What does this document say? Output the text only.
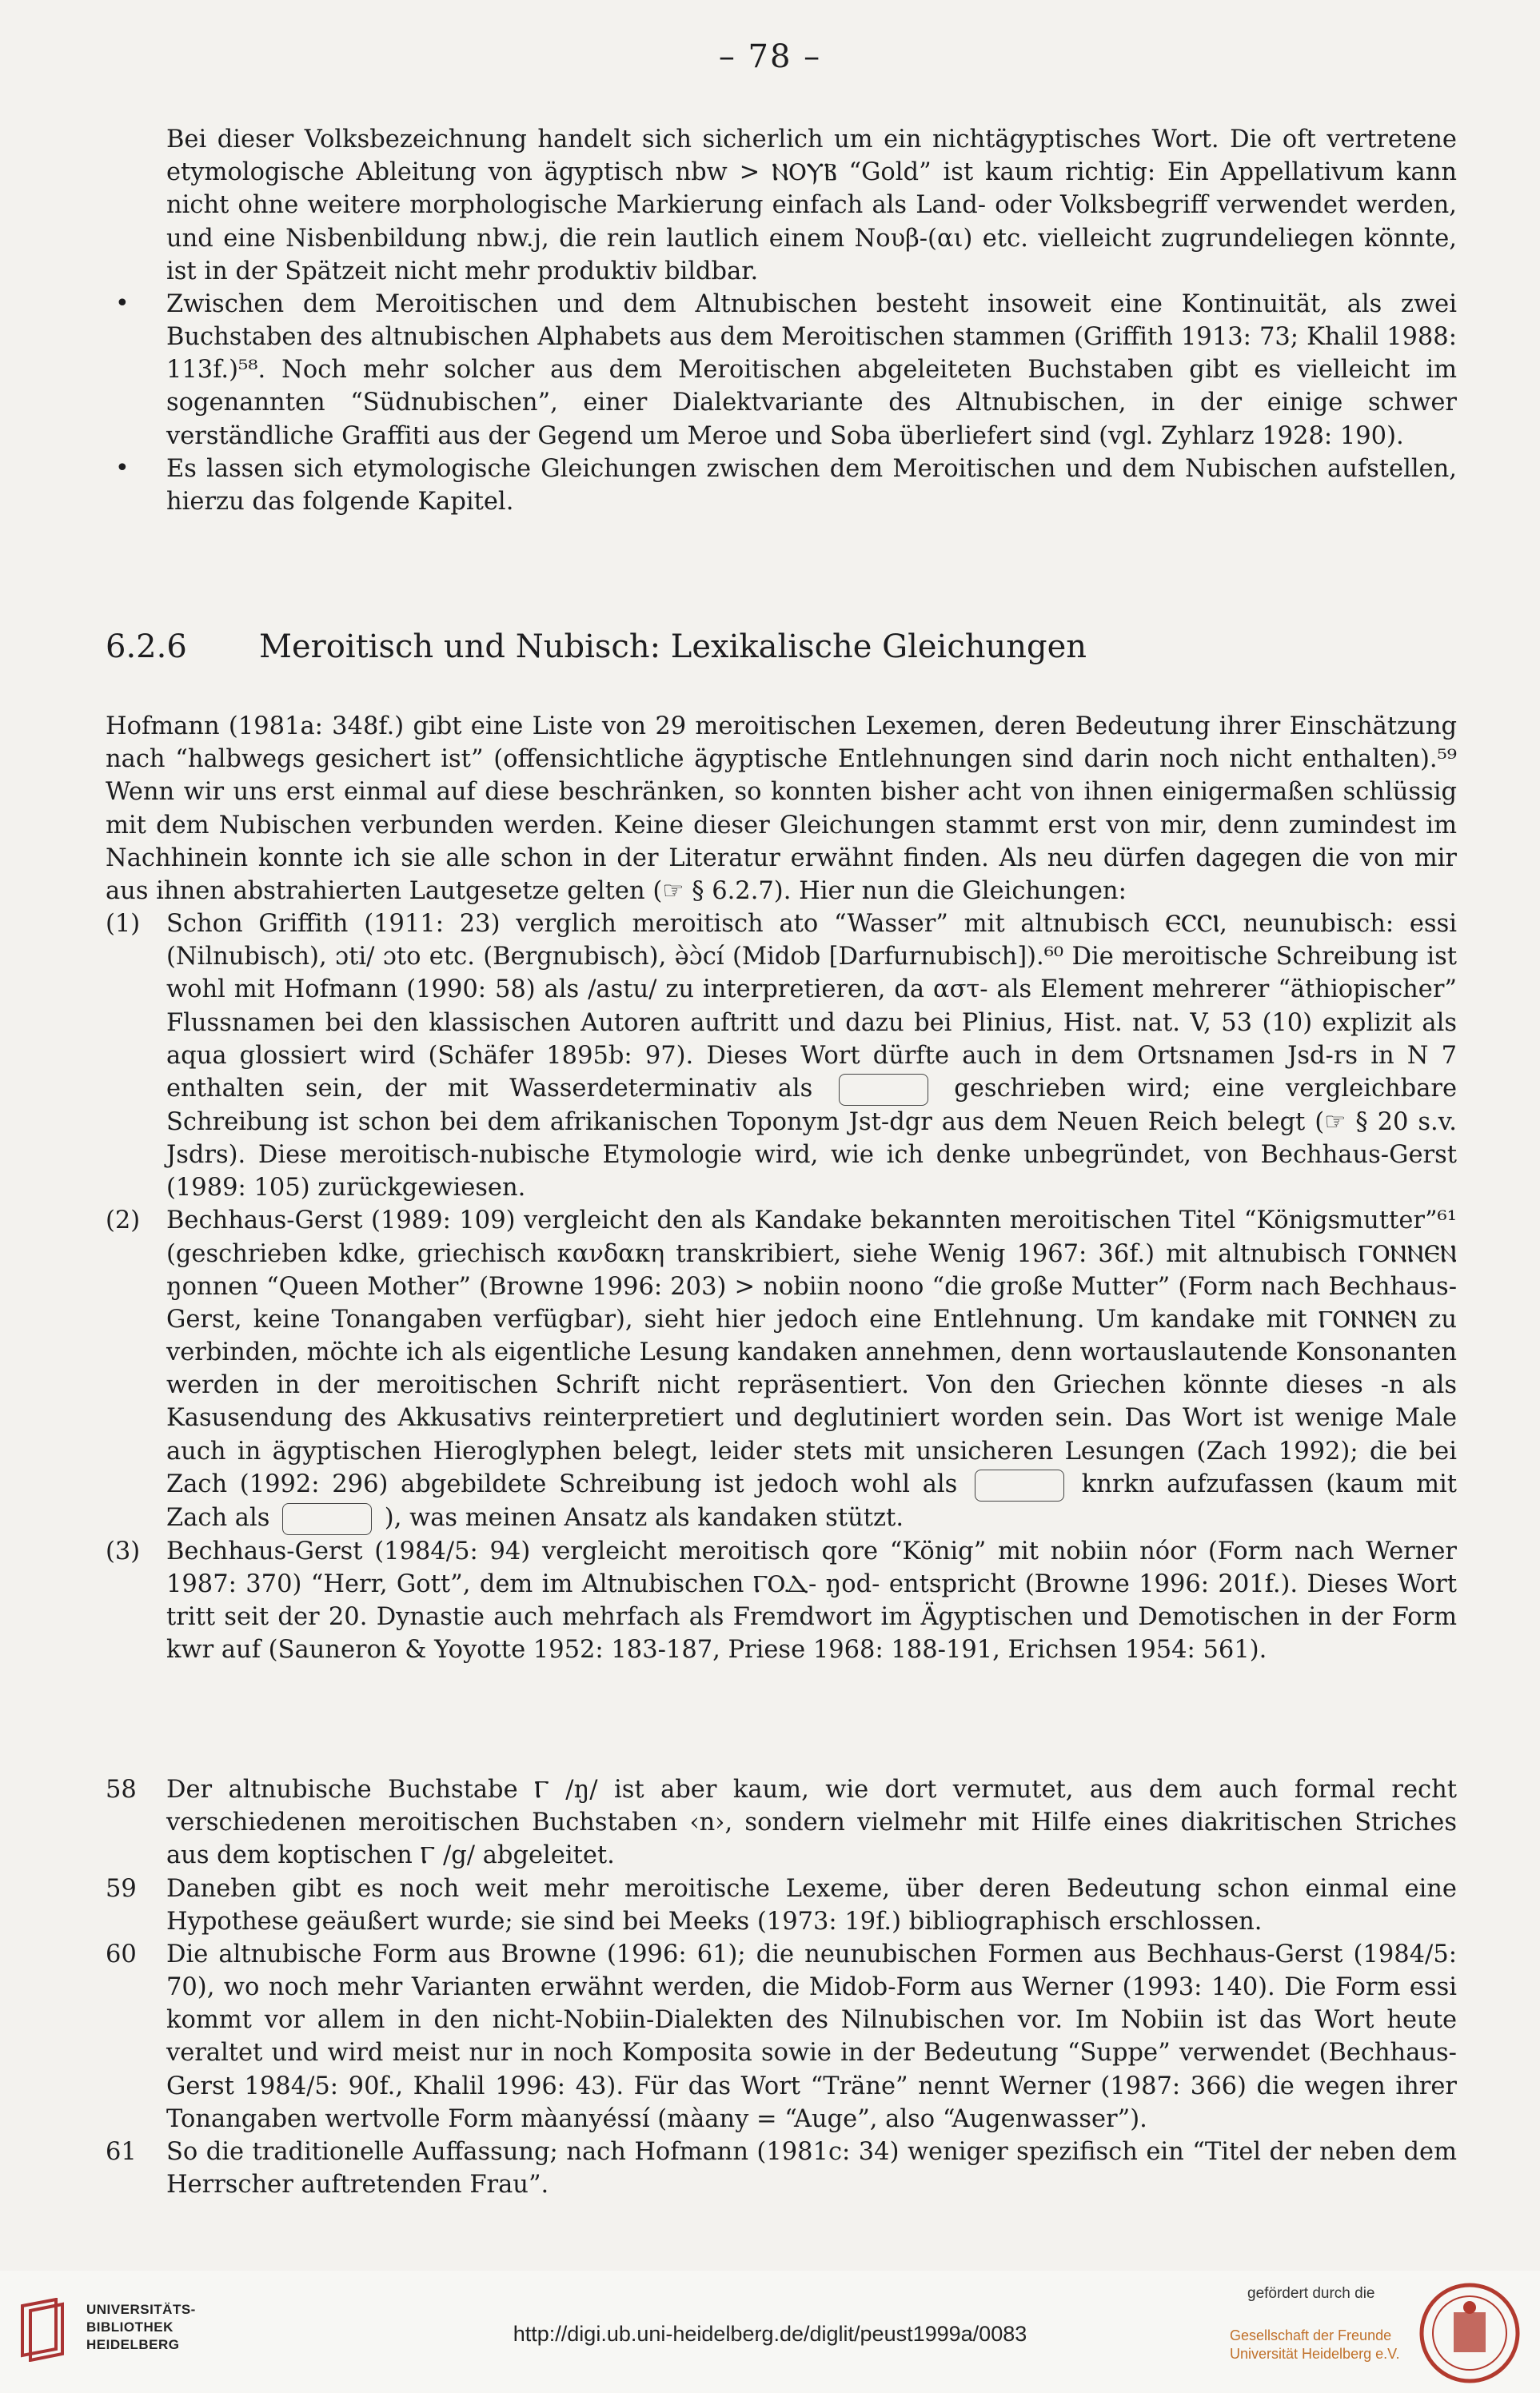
– 78 –

Bei dieser Volksbezeichnung handelt sich sicherlich um ein nichtägyptisches Wort. Die oft vertretene etymologische Ableitung von ägyptisch nbw > ⲚⲞⲨⲂ “Gold” ist kaum richtig: Ein Appellativum kann nicht ohne weitere morphologische Markierung einfach als Land- oder Volksbegriff verwendet werden, und eine Nisbenbildung nbw.j, die rein lautlich einem Νουβ-(αι) etc. vielleicht zugrundeliegen könnte, ist in der Spätzeit nicht mehr produktiv bildbar.

• Zwischen dem Meroitischen und dem Altnubischen besteht insoweit eine Kontinuität, als zwei Buchstaben des altnubischen Alphabets aus dem Meroitischen stammen (Griffith 1913: 73; Khalil 1988: 113f.)⁵⁸. Noch mehr solcher aus dem Meroitischen abgeleiteten Buchstaben gibt es vielleicht im sogenannten “Südnubischen”, einer Dialektvariante des Altnubischen, in der einige schwer verständliche Graffiti aus der Gegend um Meroe und Soba überliefert sind (vgl. Zyhlarz 1928: 190).

• Es lassen sich etymologische Gleichungen zwischen dem Meroitischen und dem Nubischen aufstellen, hierzu das folgende Kapitel.

6.2.6 Meroitisch und Nubisch: Lexikalische Gleichungen

Hofmann (1981a: 348f.) gibt eine Liste von 29 meroitischen Lexemen, deren Bedeutung ihrer Einschätzung nach “halbwegs gesichert ist” (offensichtliche ägyptische Entlehnungen sind darin noch nicht enthalten).⁵⁹ Wenn wir uns erst einmal auf diese beschränken, so konnten bisher acht von ihnen einigermaßen schlüssig mit dem Nubischen verbunden werden. Keine dieser Gleichungen stammt erst von mir, denn zumindest im Nachhinein konnte ich sie alle schon in der Literatur erwähnt finden. Als neu dürfen dagegen die von mir aus ihnen abstrahierten Lautgesetze gelten (☞ § 6.2.7). Hier nun die Gleichungen:

(1) Schon Griffith (1911: 23) verglich meroitisch ato “Wasser” mit altnubisch ⲈⲤⲤⲒ, neunubisch: essi (Nilnubisch), ɔti/ ɔto etc. (Bergnubisch), ə̀ɔ̀cí (Midob [Darfurnubisch]).⁶⁰ Die meroitische Schreibung ist wohl mit Hofmann (1990: 58) als /astu/ zu interpretieren, da αστ- als Element mehrerer “äthiopischer” Flussnamen bei den klassischen Autoren auftritt und dazu bei Plinius, Hist. nat. V, 53 (10) explizit als aqua glossiert wird (Schäfer 1895b: 97). Dieses Wort dürfte auch in dem Ortsnamen Jsd-rs in N 7 enthalten sein, der mit Wasserdeterminativ als	geschrieben wird; eine vergleichbare Schreibung ist schon bei dem afrikanischen Toponym Jst-dgr aus dem Neuen Reich belegt (☞ § 20 s.v. Jsdrs). Diese meroitisch-nubische Etymologie wird, wie ich denke unbegründet, von Bechhaus-Gerst (1989: 105) zurückgewiesen.

(2) Bechhaus-Gerst (1989: 109) vergleicht den als Kandake bekannten meroitischen Titel “Königsmutter”⁶¹ (geschrieben kdke, griechisch κανδακη transkribiert, siehe Wenig 1967: 36f.) mit altnubisch ⲄⲞⲚⲚⲈⲚ ŋonnen “Queen Mother” (Browne 1996: 203) > nobiin noono “die große Mutter” (Form nach Bechhaus-Gerst, keine Tonangaben verfügbar), sieht hier jedoch eine Entlehnung. Um kandake mit ⲄⲞⲚⲚⲈⲚ zu verbinden, möchte ich als eigentliche Lesung kandaken annehmen, denn wortauslautende Konsonanten werden in der meroitischen Schrift nicht repräsentiert. Von den Griechen könnte dieses -n als Kasusendung des Akkusativs reinterpretiert und deglutiniert worden sein. Das Wort ist wenige Male auch in ägyptischen Hieroglyphen belegt, leider stets mit unsicheren Lesungen (Zach 1992); die bei Zach (1992: 296) abgebildete Schreibung ist jedoch wohl als	knrkn aufzufassen (kaum mit Zach als	), was meinen Ansatz als kandaken stützt.

(3) Bechhaus-Gerst (1984/5: 94) vergleicht meroitisch qore “König” mit nobiin nóor (Form nach Werner 1987: 370) “Herr, Gott”, dem im Altnubischen ⲄⲞⲆ- ŋod- entspricht (Browne 1996: 201f.). Dieses Wort tritt seit der 20. Dynastie auch mehrfach als Fremdwort im Ägyptischen und Demotischen in der Form kwr auf (Sauneron & Yoyotte 1952: 183-187, Priese 1968: 188-191, Erichsen 1954: 561).

58 Der altnubische Buchstabe Ⲅ /ŋ/ ist aber kaum, wie dort vermutet, aus dem auch formal recht verschiedenen meroitischen Buchstaben ‹n›, sondern vielmehr mit Hilfe eines diakritischen Striches aus dem koptischen Ⲅ /g/ abgeleitet.

59 Daneben gibt es noch weit mehr meroitische Lexeme, über deren Bedeutung schon einmal eine Hypothese geäußert wurde; sie sind bei Meeks (1973: 19f.) bibliographisch erschlossen.

60 Die altnubische Form aus Browne (1996: 61); die neunubischen Formen aus Bechhaus-Gerst (1984/5: 70), wo noch mehr Varianten erwähnt werden, die Midob-Form aus Werner (1993: 140). Die Form essi kommt vor allem in den nicht-Nobiin-Dialekten des Nilnubischen vor. Im Nobiin ist das Wort heute veraltet und wird meist nur in noch Komposita sowie in der Bedeutung “Suppe” verwendet (Bechhaus-Gerst 1984/5: 90f., Khalil 1996: 43). Für das Wort “Träne” nennt Werner (1987: 366) die wegen ihrer Tonangaben wertvolle Form màanyéssí (màany = “Auge”, also “Augenwasser”).

61 So die traditionelle Auffassung; nach Hofmann (1981c: 34) weniger spezifisch ein “Titel der neben dem Herrscher auftretenden Frau”.

UNIVERSITÄTS-
BIBLIOTHEK
HEIDELBERG	http://digi.ub.uni-heidelberg.de/diglit/peust1999a/0083
gefördert durch die
Gesellschaft der Freunde
Universität Heidelberg e.V.
